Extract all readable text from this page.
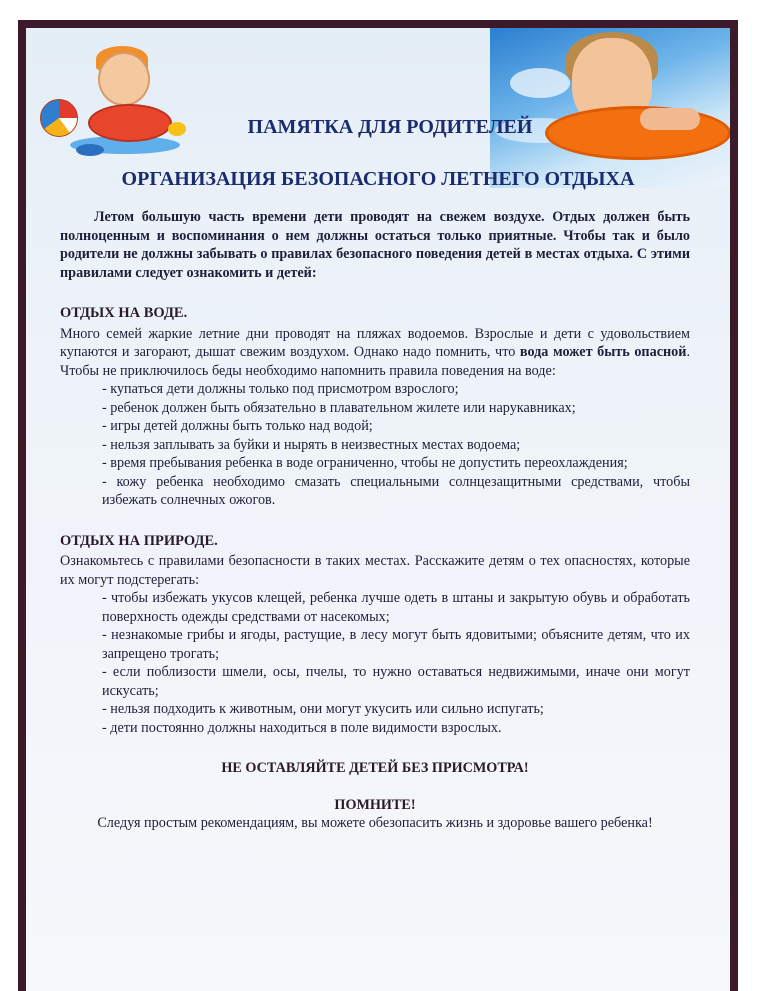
ПАМЯТКА ДЛЯ РОДИТЕЛЕЙ
ОРГАНИЗАЦИЯ БЕЗОПАСНОГО ЛЕТНЕГО ОТДЫХА

Летом большую часть времени дети проводят на свежем воздухе. Отдых должен быть полноценным и воспоминания о нем должны остаться только приятные. Чтобы так и было родители не должны забывать о правилах безопасного поведения детей в местах отдыха. С этими правилами следует ознакомить и детей:

ОТДЫХ НА ВОДЕ.

Много семей жаркие летние дни проводят на пляжах водоемов. Взрослые и дети с удовольствием купаются и загорают, дышат свежим воздухом. Однако надо помнить, что вода может быть опасной. Чтобы не приключилось беды необходимо напомнить правила поведения на воде:

- купаться дети должны только под присмотром взрослого;
- ребенок должен быть обязательно в плавательном жилете или нарукавниках;
- игры детей должны быть только над водой;
- нельзя заплывать за буйки и нырять в неизвестных местах водоема;
- время пребывания ребенка в воде ограниченно, чтобы не допустить переохлаждения;
- кожу ребенка необходимо смазать специальными солнцезащитными средствами, чтобы избежать солнечных ожогов.
ОТДЫХ НА ПРИРОДЕ.

Ознакомьтесь с правилами безопасности в таких местах. Расскажите детям о тех опасностях, которые их могут подстерегать:

- чтобы избежать укусов клещей, ребенка лучше одеть в штаны и закрытую обувь и обработать поверхность одежды средствами от насекомых;
- незнакомые грибы и ягоды, растущие, в лесу могут быть ядовитыми; объясните детям, что их запрещено трогать;
- если поблизости шмели, осы, пчелы, то нужно оставаться недвижимыми, иначе они могут искусать;
- нельзя подходить к животным, они могут укусить или сильно испугать;
- дети постоянно должны находиться в поле видимости взрослых.

НЕ ОСТАВЛЯЙТЕ ДЕТЕЙ БЕЗ ПРИСМОТРА!

ПОМНИТЕ!

Следуя простым рекомендациям, вы можете обезопасить жизнь и здоровье вашего ребенка!
